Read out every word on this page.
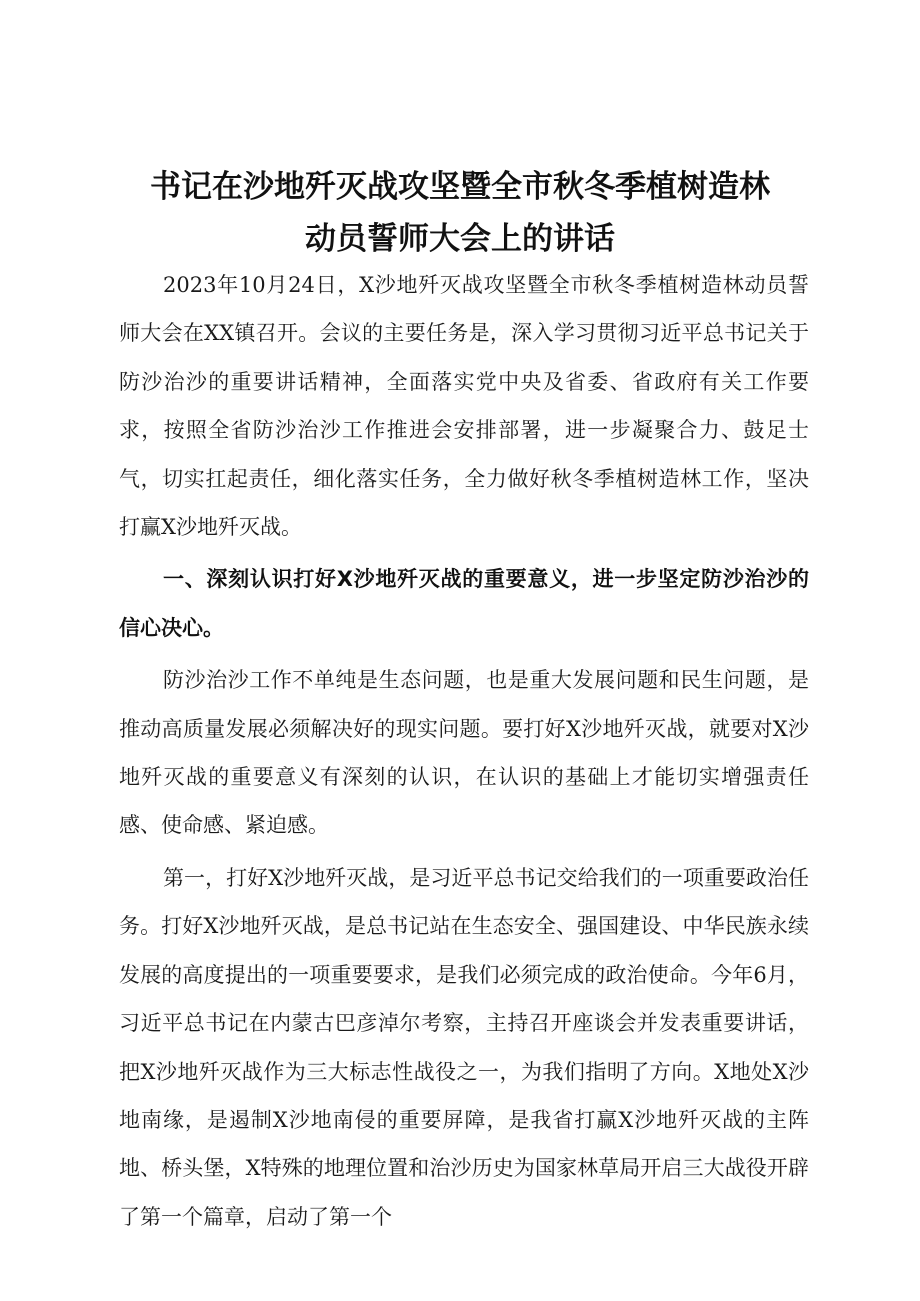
书记在沙地歼灭战攻坚暨全市秋冬季植树造林
动员誓师大会上的讲话

2023年10月24日，X沙地歼灭战攻坚暨全市秋冬季植树造林动员誓师大会在XX镇召开。会议的主要任务是，深入学习贯彻习近平总书记关于防沙治沙的重要讲话精神，全面落实党中央及省委、省政府有关工作要求，按照全省防沙治沙工作推进会安排部署，进一步凝聚合力、鼓足士气，切实扛起责任，细化落实任务，全力做好秋冬季植树造林工作，坚决打赢X沙地歼灭战。

一、深刻认识打好X沙地歼灭战的重要意义，进一步坚定防沙治沙的信心决心。

防沙治沙工作不单纯是生态问题，也是重大发展问题和民生问题，是推动高质量发展必须解决好的现实问题。要打好X沙地歼灭战，就要对X沙地歼灭战的重要意义有深刻的认识，在认识的基础上才能切实增强责任感、使命感、紧迫感。

第一，打好X沙地歼灭战，是习近平总书记交给我们的一项重要政治任务。打好X沙地歼灭战，是总书记站在生态安全、强国建设、中华民族永续发展的高度提出的一项重要要求，是我们必须完成的政治使命。今年6月，习近平总书记在内蒙古巴彦淖尔考察，主持召开座谈会并发表重要讲话，把X沙地歼灭战作为三大标志性战役之一，为我们指明了方向。X地处X沙地南缘，是遏制X沙地南侵的重要屏障，是我省打赢X沙地歼灭战的主阵地、桥头堡，X特殊的地理位置和治沙历史为国家林草局开启三大战役开辟了第一个篇章，启动了第一个
